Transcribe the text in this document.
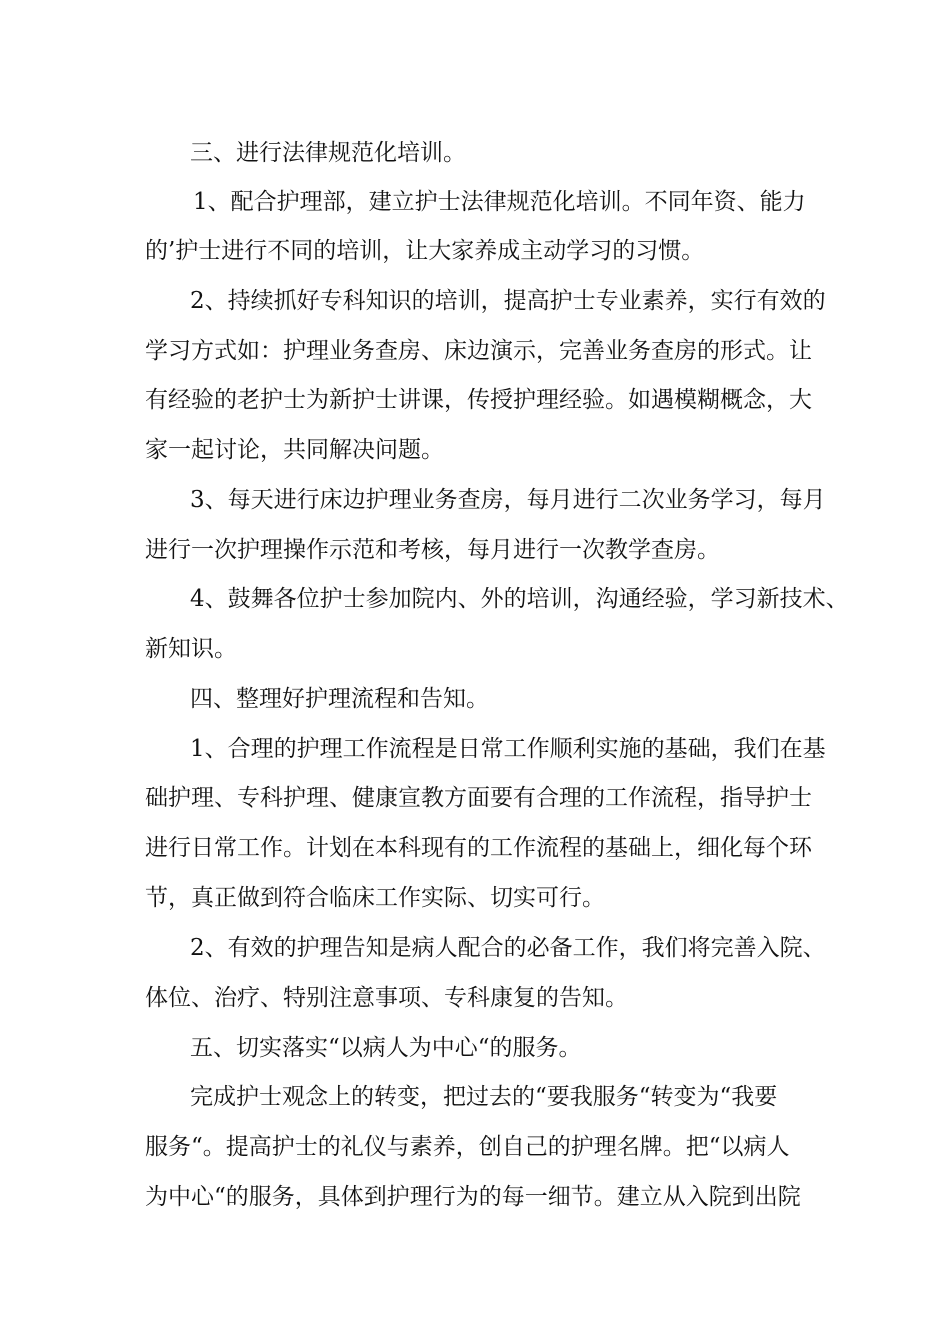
三、进行法律规范化培训。
1、配合护理部，建立护士法律规范化培训。不同年资、能力
的’护士进行不同的培训，让大家养成主动学习的习惯。
2、持续抓好专科知识的培训，提高护士专业素养，实行有效的
学习方式如：护理业务查房、床边演示，完善业务查房的形式。让
有经验的老护士为新护士讲课，传授护理经验。如遇模糊概念，大
家一起讨论，共同解决问题。
3、每天进行床边护理业务查房，每月进行二次业务学习，每月
进行一次护理操作示范和考核，每月进行一次教学查房。
4、鼓舞各位护士参加院内、外的培训，沟通经验，学习新技术、
新知识。
四、整理好护理流程和告知。
1、合理的护理工作流程是日常工作顺利实施的基础，我们在基
础护理、专科护理、健康宣教方面要有合理的工作流程，指导护士
进行日常工作。计划在本科现有的工作流程的基础上，细化每个环
节，真正做到符合临床工作实际、切实可行。
2、有效的护理告知是病人配合的必备工作，我们将完善入院、
体位、治疗、特别注意事项、专科康复的告知。
五、切实落实“以病人为中心“的服务。
完成护士观念上的转变，把过去的“要我服务“转变为“我要
服务“。提高护士的礼仪与素养，创自己的护理名牌。把“以病人
为中心“的服务，具体到护理行为的每一细节。建立从入院到出院
